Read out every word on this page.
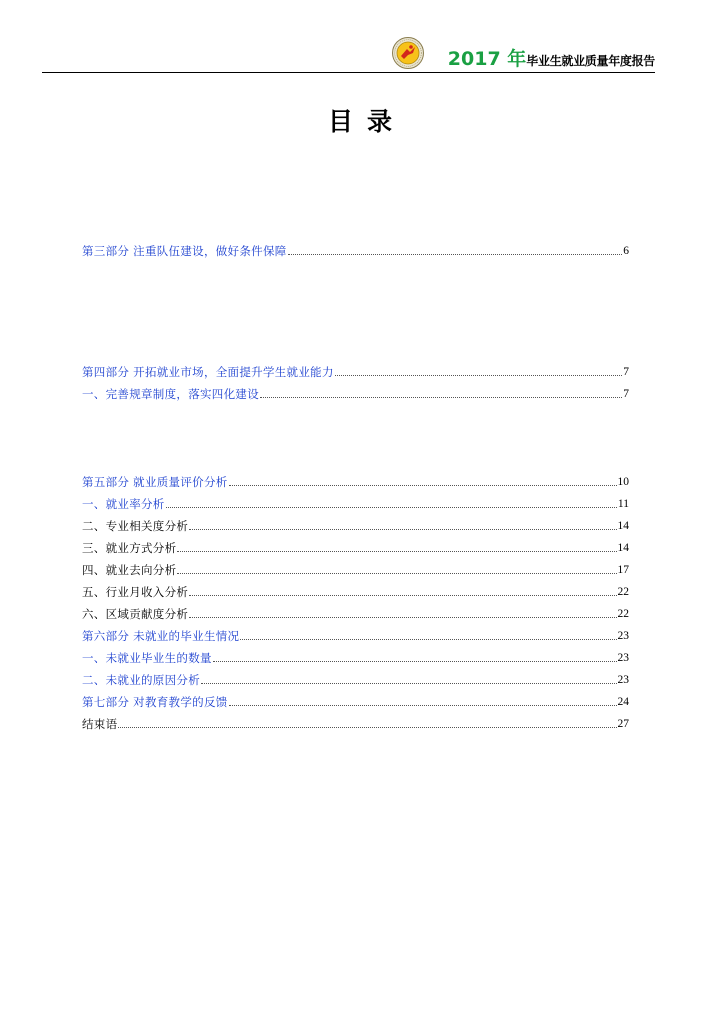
2017 年毕业生就业质量年度报告
目录
第三部分 注重队伍建设，做好条件保障	6
第四部分 开拓就业市场，全面提升学生就业能力	7
一、完善规章制度，落实四化建设	7
第五部分 就业质量评价分析	10
一、就业率分析	11
二、专业相关度分析	14
三、就业方式分析	14
四、就业去向分析	17
五、行业月收入分析	22
六、区域贡献度分析	22
第六部分 未就业的毕业生情况	23
一、未就业毕业生的数量	23
二、未就业的原因分析	23
第七部分 对教育教学的反馈	24
结束语	27
